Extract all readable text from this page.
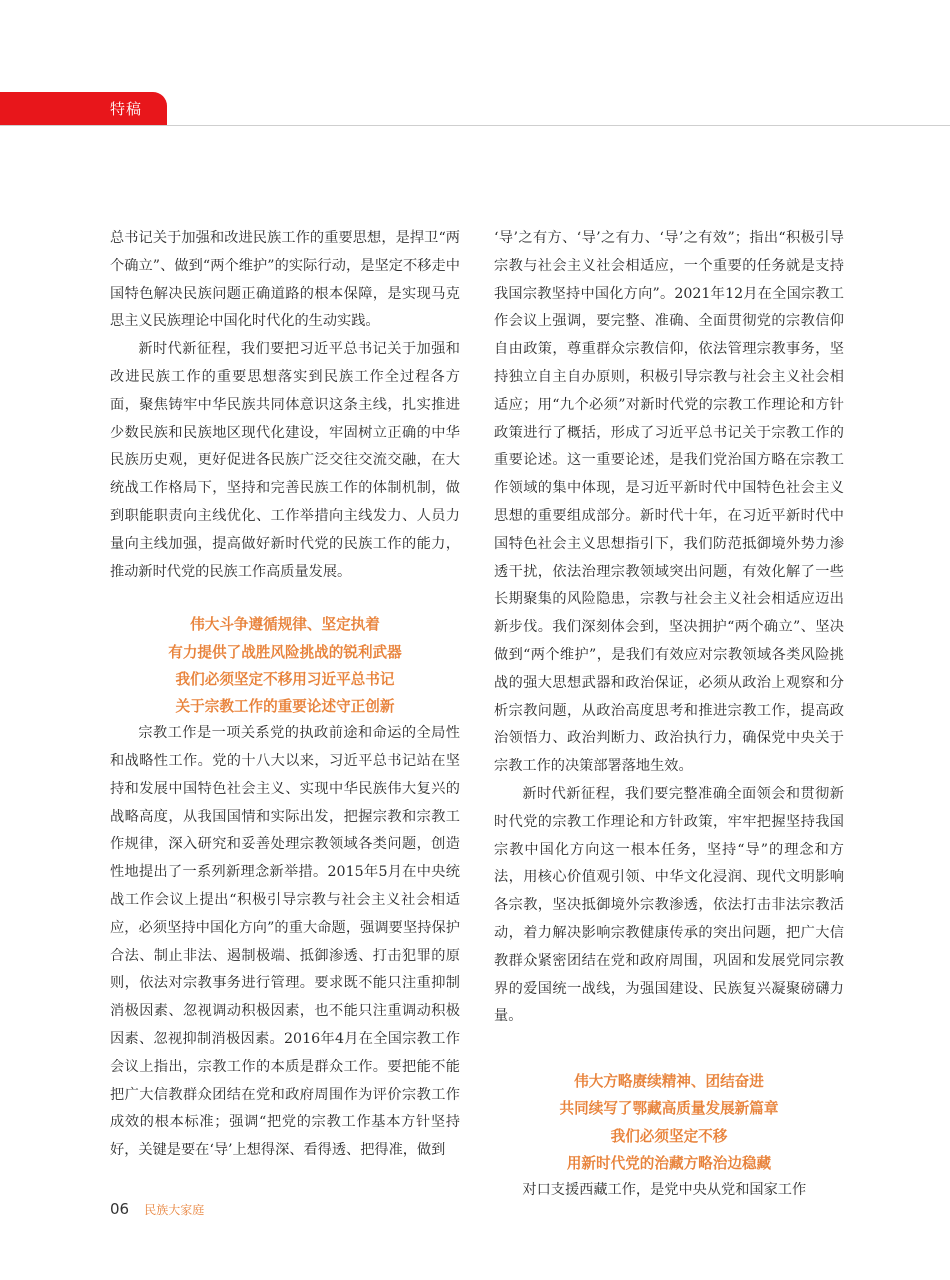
特稿

总书记关于加强和改进民族工作的重要思想，是捍卫“两个确立”、做到“两个维护”的实际行动，是坚定不移走中国特色解决民族问题正确道路的根本保障，是实现马克思主义民族理论中国化时代化的生动实践。

新时代新征程，我们要把习近平总书记关于加强和改进民族工作的重要思想落实到民族工作全过程各方面，聚焦铸牢中华民族共同体意识这条主线，扎实推进少数民族和民族地区现代化建设，牢固树立正确的中华民族历史观，更好促进各民族广泛交往交流交融，在大统战工作格局下，坚持和完善民族工作的体制机制，做到职能职责向主线优化、工作举措向主线发力、人员力量向主线加强，提高做好新时代党的民族工作的能力，推动新时代党的民族工作高质量发展。

伟大斗争遵循规律、坚定执着
有力提供了战胜风险挑战的锐利武器
我们必须坚定不移用习近平总书记
关于宗教工作的重要论述守正创新

宗教工作是一项关系党的执政前途和命运的全局性和战略性工作。党的十八大以来，习近平总书记站在坚持和发展中国特色社会主义、实现中华民族伟大复兴的战略高度，从我国国情和实际出发，把握宗教和宗教工作规律，深入研究和妥善处理宗教领域各类问题，创造性地提出了一系列新理念新举措。2015年5月在中央统战工作会议上提出“积极引导宗教与社会主义社会相适应，必须坚持中国化方向”的重大命题，强调要坚持保护合法、制止非法、遏制极端、抵御渗透、打击犯罪的原则，依法对宗教事务进行管理。要求既不能只注重抑制消极因素、忽视调动积极因素，也不能只注重调动积极因素、忽视抑制消极因素。2016年4月在全国宗教工作会议上指出，宗教工作的本质是群众工作。要把能不能把广大信教群众团结在党和政府周围作为评价宗教工作成效的根本标准；强调“把党的宗教工作基本方针坚持好，关键是要在‘导’上想得深、看得透、把得准，做到

‘导’之有方、‘导’之有力、‘导’之有效”；指出“积极引导宗教与社会主义社会相适应，一个重要的任务就是支持我国宗教坚持中国化方向”。2021年12月在全国宗教工作会议上强调，要完整、准确、全面贯彻党的宗教信仰自由政策，尊重群众宗教信仰，依法管理宗教事务，坚持独立自主自办原则，积极引导宗教与社会主义社会相适应；用“九个必须”对新时代党的宗教工作理论和方针政策进行了概括，形成了习近平总书记关于宗教工作的重要论述。这一重要论述，是我们党治国方略在宗教工作领域的集中体现，是习近平新时代中国特色社会主义思想的重要组成部分。新时代十年，在习近平新时代中国特色社会主义思想指引下，我们防范抵御境外势力渗透干扰，依法治理宗教领域突出问题，有效化解了一些长期聚集的风险隐患，宗教与社会主义社会相适应迈出新步伐。我们深刻体会到，坚决拥护“两个确立”、坚决做到“两个维护”，是我们有效应对宗教领域各类风险挑战的强大思想武器和政治保证，必须从政治上观察和分析宗教问题，从政治高度思考和推进宗教工作，提高政治领悟力、政治判断力、政治执行力，确保党中央关于宗教工作的决策部署落地生效。

新时代新征程，我们要完整准确全面领会和贯彻新时代党的宗教工作理论和方针政策，牢牢把握坚持我国宗教中国化方向这一根本任务，坚持“导”的理念和方法，用核心价值观引领、中华文化浸润、现代文明影响各宗教，坚决抵御境外宗教渗透，依法打击非法宗教活动，着力解决影响宗教健康传承的突出问题，把广大信教群众紧密团结在党和政府周围，巩固和发展党同宗教界的爱国统一战线，为强国建设、民族复兴凝聚磅礴力量。

伟大方略赓续精神、团结奋进
共同续写了鄂藏高质量发展新篇章
我们必须坚定不移
用新时代党的治藏方略治边稳藏

对口支援西藏工作，是党中央从党和国家工作

06 民族大家庭
